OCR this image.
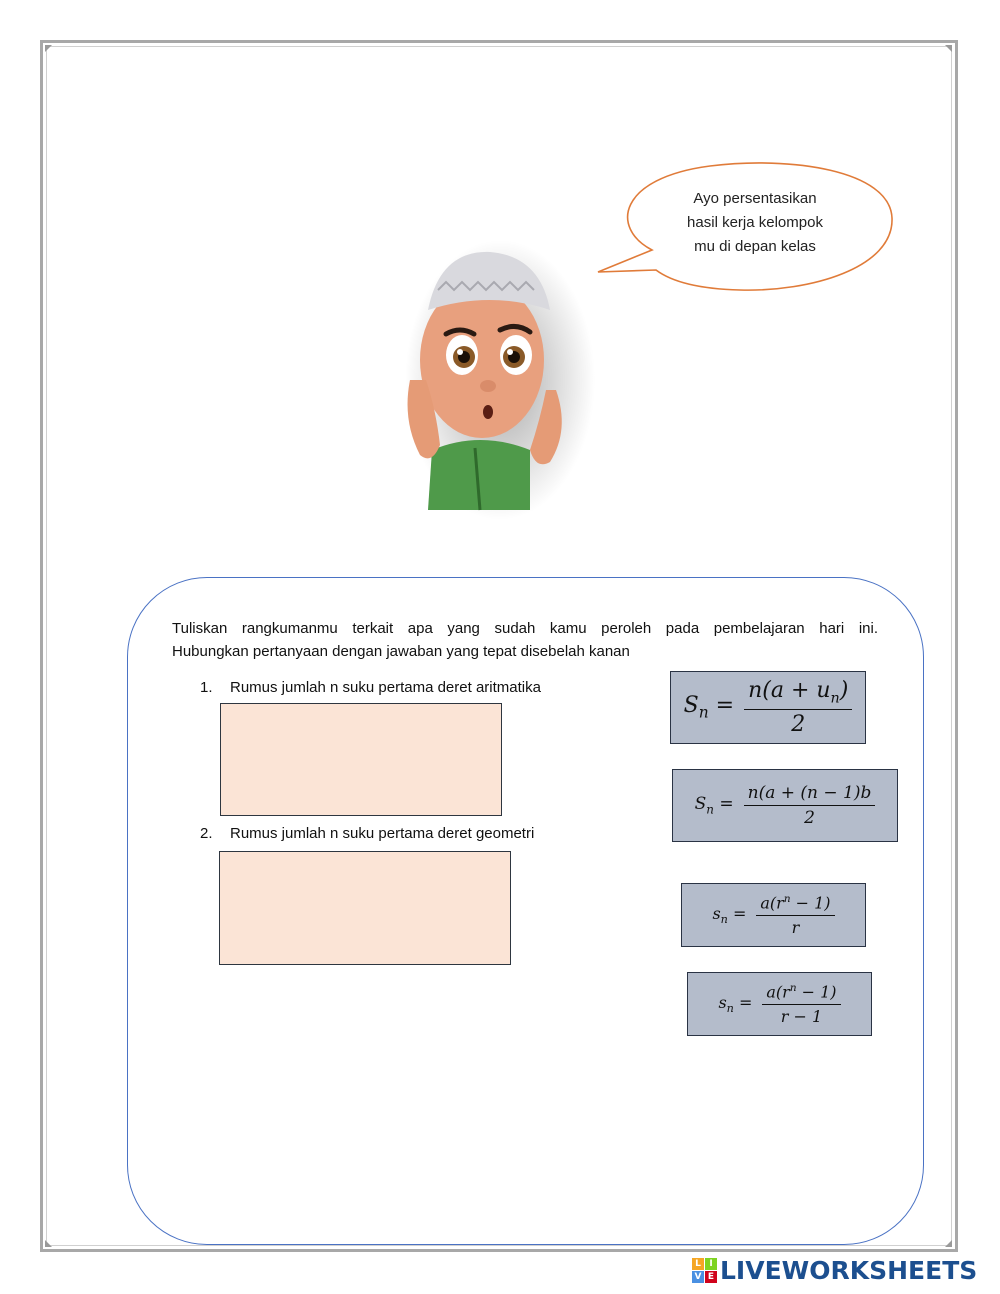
Ayo persentasikan
hasil kerja kelompok
mu di depan kelas
Tuliskan rangkumanmu terkait apa yang sudah kamu peroleh pada pembelajaran hari ini.
Hubungkan pertanyaan dengan jawaban yang tepat disebelah kanan
1. Rumus jumlah n suku pertama deret aritmatika
2. Rumus jumlah n suku pertama deret geometri
$S_n = \frac{n(a + u_n)}{2}$
$S_n = \frac{n(a + (n - 1)b}{2}$
$s_n = \frac{a(r^n - 1)}{r}$
$s_n = \frac{a(r^n - 1)}{r - 1}$
L I
V E LIVEWORKSHEETS
